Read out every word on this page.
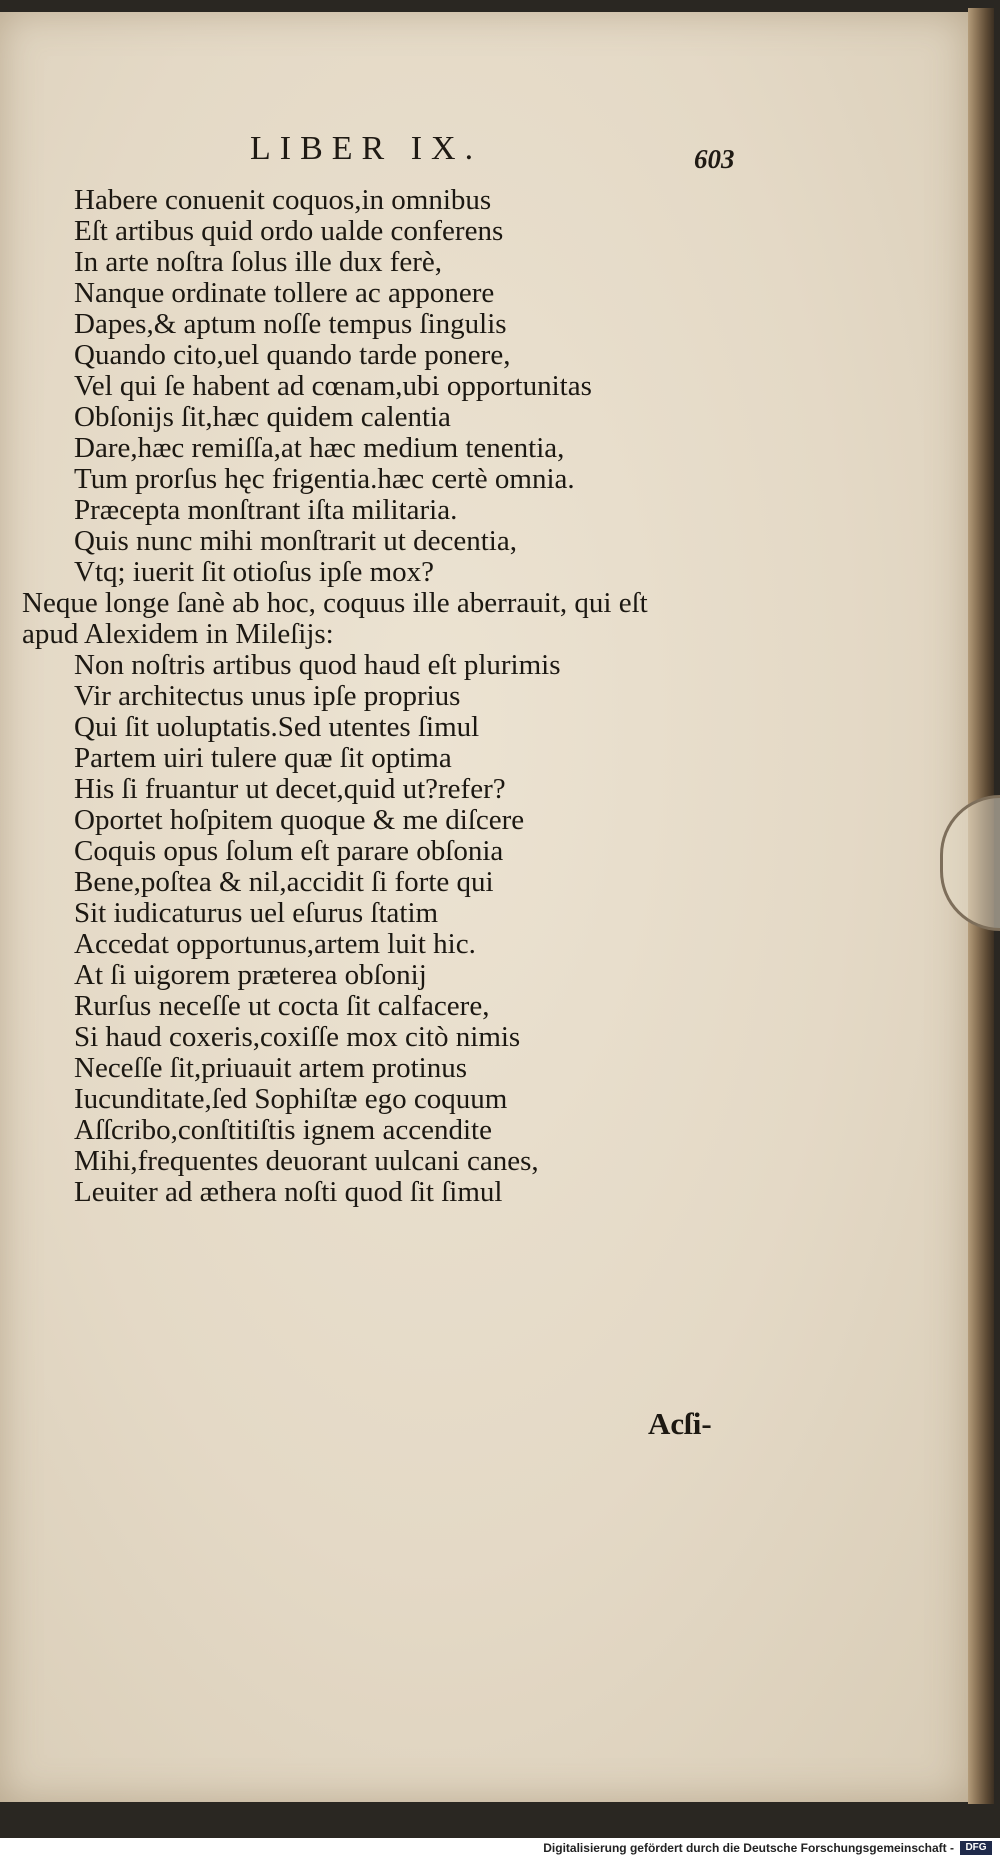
LIBER IX.	603
Habere conuenit coquos,in omnibus
Eſt artibus quid ordo ualde conferens
In arte noſtra ſolus ille dux ferè,
Nanque ordinate tollere ac apponere
Dapes,& aptum noſſe tempus ſingulis
Quando cito,uel quando tarde ponere,
Vel qui ſe habent ad cœnam,ubi opportunitas
Obſonijs ſit,hæc quidem calentia
Dare,hæc remiſſa,at hæc medium tenentia,
Tum prorſus hęc frigentia.hæc certè omnia.
Præcepta monſtrant iſta militaria.
Quis nunc mihi monſtrarit ut decentia,
Vtq; iuerit ſit otioſus ipſe mox?
Neque longe ſanè ab hoc, coquus ille aberrauit, qui eſt
apud Alexidem in Mileſijs:
Non noſtris artibus quod haud eſt plurimis
Vir architectus unus ipſe proprius
Qui ſit uoluptatis.Sed utentes ſimul
Partem uiri tulere quæ ſit optima
His ſi fruantur ut decet,quid ut?refer?
Oportet hoſpitem quoque & me diſcere
Coquis opus ſolum eſt parare obſonia
Bene,poſtea & nil,accidit ſi forte qui
Sit iudicaturus uel eſurus ſtatim
Accedat opportunus,artem luit hic.
At ſi uigorem præterea obſonij
Rurſus neceſſe ut cocta ſit calfacere,
Si haud coxeris,coxiſſe mox citò nimis
Neceſſe ſit,priuauit artem protinus
Iucunditate,ſed Sophiſtæ ego coquum
Aſſcribo,conſtitiſtis ignem accendite
Mihi,frequentes deuorant uulcani canes,
Leuiter ad æthera noſti quod ſit ſimul
Acſi-
Digitalisierung gefördert durch die Deutsche Forschungsgemeinschaft -	DFG
